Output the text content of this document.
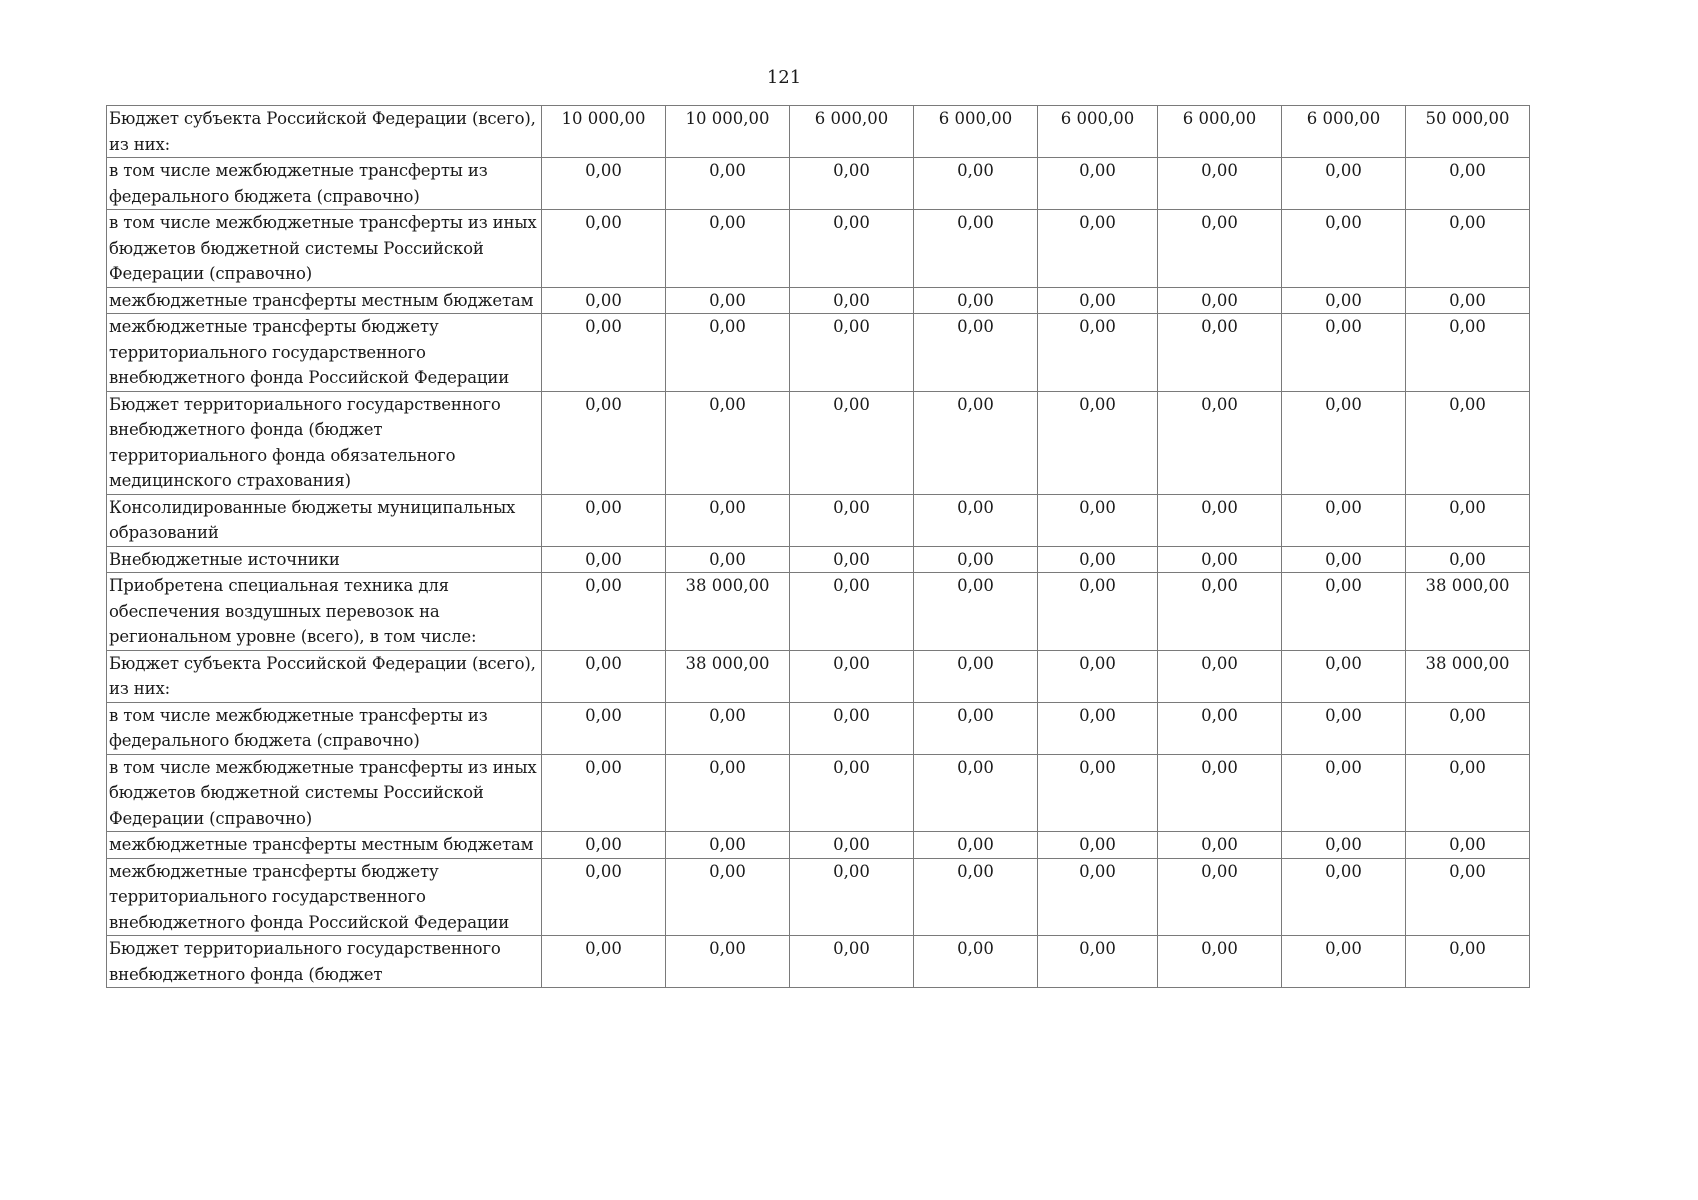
121
Бюджет субъекта Российской Федерации (всего), из них:	10 000,00	10 000,00	6 000,00	6 000,00	6 000,00	6 000,00	6 000,00	50 000,00
в том числе межбюджетные трансферты из федерального бюджета (справочно)	0,00	0,00	0,00	0,00	0,00	0,00	0,00	0,00
в том числе межбюджетные трансферты из иных бюджетов бюджетной системы Российской Федерации (справочно)	0,00	0,00	0,00	0,00	0,00	0,00	0,00	0,00
межбюджетные трансферты местным бюджетам	0,00	0,00	0,00	0,00	0,00	0,00	0,00	0,00
межбюджетные трансферты бюджету территориального государственного внебюджетного фонда Российской Федерации	0,00	0,00	0,00	0,00	0,00	0,00	0,00	0,00
Бюджет территориального государственного внебюджетного фонда (бюджет территориального фонда обязательного медицинского страхования)	0,00	0,00	0,00	0,00	0,00	0,00	0,00	0,00
Консолидированные бюджеты муниципальных образований	0,00	0,00	0,00	0,00	0,00	0,00	0,00	0,00
Внебюджетные источники	0,00	0,00	0,00	0,00	0,00	0,00	0,00	0,00
Приобретена специальная техника для обеспечения воздушных перевозок на региональном уровне (всего), в том числе:	0,00	38 000,00	0,00	0,00	0,00	0,00	0,00	38 000,00
Бюджет субъекта Российской Федерации (всего), из них:	0,00	38 000,00	0,00	0,00	0,00	0,00	0,00	38 000,00
в том числе межбюджетные трансферты из федерального бюджета (справочно)	0,00	0,00	0,00	0,00	0,00	0,00	0,00	0,00
в том числе межбюджетные трансферты из иных бюджетов бюджетной системы Российской Федерации (справочно)	0,00	0,00	0,00	0,00	0,00	0,00	0,00	0,00
межбюджетные трансферты местным бюджетам	0,00	0,00	0,00	0,00	0,00	0,00	0,00	0,00
межбюджетные трансферты бюджету территориального государственного внебюджетного фонда Российской Федерации	0,00	0,00	0,00	0,00	0,00	0,00	0,00	0,00
Бюджет территориального государственного внебюджетного фонда (бюджет	0,00	0,00	0,00	0,00	0,00	0,00	0,00	0,00
